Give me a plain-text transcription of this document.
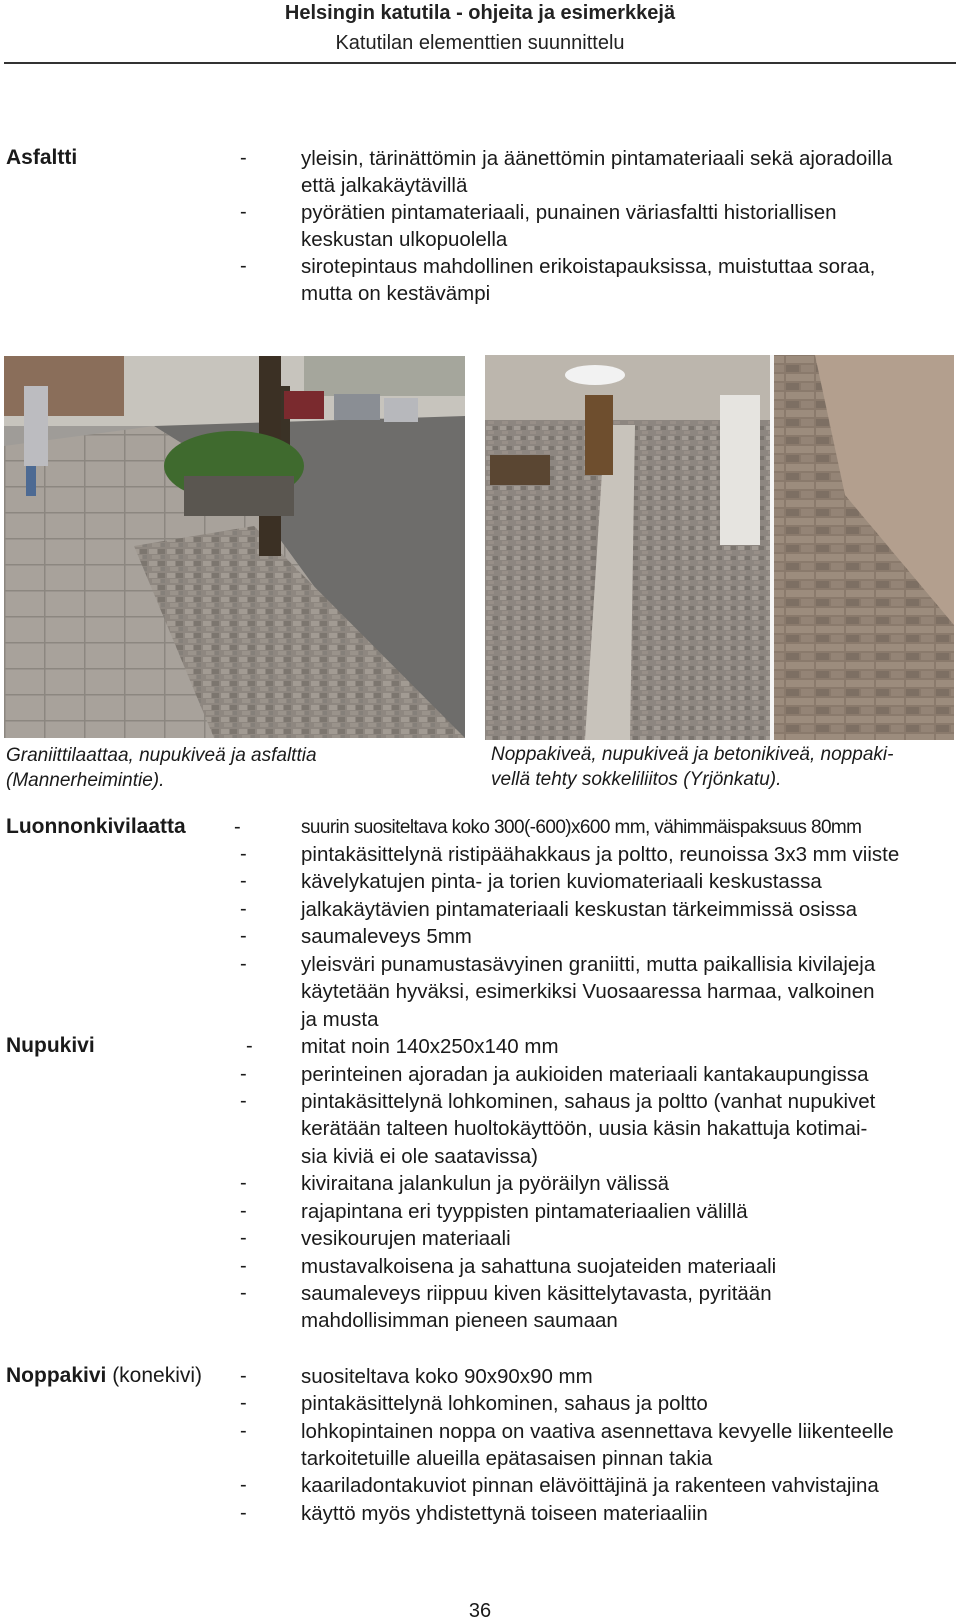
Helsingin katutila - ohjeita ja esimerkkejä
Katutilan elementtien suunnittelu
Asfaltti	-	yleisin, tärinättömin ja äänettömin pintamateriaali sekä ajoradoilla
että jalkakäytävillä
-	pyörätien pintamateriaali, punainen väriasfaltti historiallisen
keskustan ulkopuolella
-	sirotepintaus mahdollinen erikoistapauksissa, muistuttaa soraa,
mutta on kestävämpi
Graniittilaattaa, nupukiveä ja asfalttia
(Mannerheimintie).
Noppakiveä, nupukiveä ja betonikiveä, noppaki-
vellä tehty sokkeliliitos (Yrjönkatu).
Luonnonkivilaatta -	suurin suositeltava koko 300(-600)x600 mm, vähimmäispaksuus 80mm
-	pintakäsittelynä ristipäähakkaus ja poltto, reunoissa 3x3 mm viiste
-	kävelykatujen pinta- ja torien kuviomateriaali keskustassa
-	jalkakäytävien pintamateriaali keskustan tärkeimmissä osissa
-	saumaleveys 5mm
-	yleisväri punamustasävyinen graniitti, mutta paikallisia kivilajeja
käytetään hyväksi, esimerkiksi Vuosaaressa harmaa, valkoinen
ja musta
Nupukivi	- mitat noin 140x250x140 mm
-	perinteinen ajoradan ja aukioiden materiaali kantakaupungissa
-	pintakäsittelynä lohkominen, sahaus ja poltto (vanhat nupukivet
kerätään talteen huoltokäyttöön, uusia käsin hakattuja kotimai-
sia kiviä ei ole saatavissa)
-	kiviraitana jalankulun ja pyöräilyn välissä
-	rajapintana eri tyyppisten pintamateriaalien välillä
-	vesikourujen materiaali
-	mustavalkoisena ja sahattuna suojateiden materiaali
-	saumaleveys riippuu kiven käsittelytavasta, pyritään
mahdollisimman pieneen saumaan
Noppakivi (konekivi) -	suositeltava koko 90x90x90 mm
-	pintakäsittelynä lohkominen, sahaus ja poltto
-	lohkopintainen noppa on vaativa asennettava kevyelle liikenteelle
tarkoitetuille alueilla epätasaisen pinnan takia
-	kaariladontakuviot pinnan elävöittäjinä ja rakenteen vahvistajina
-	käyttö myös yhdistettynä toiseen materiaaliin
36
